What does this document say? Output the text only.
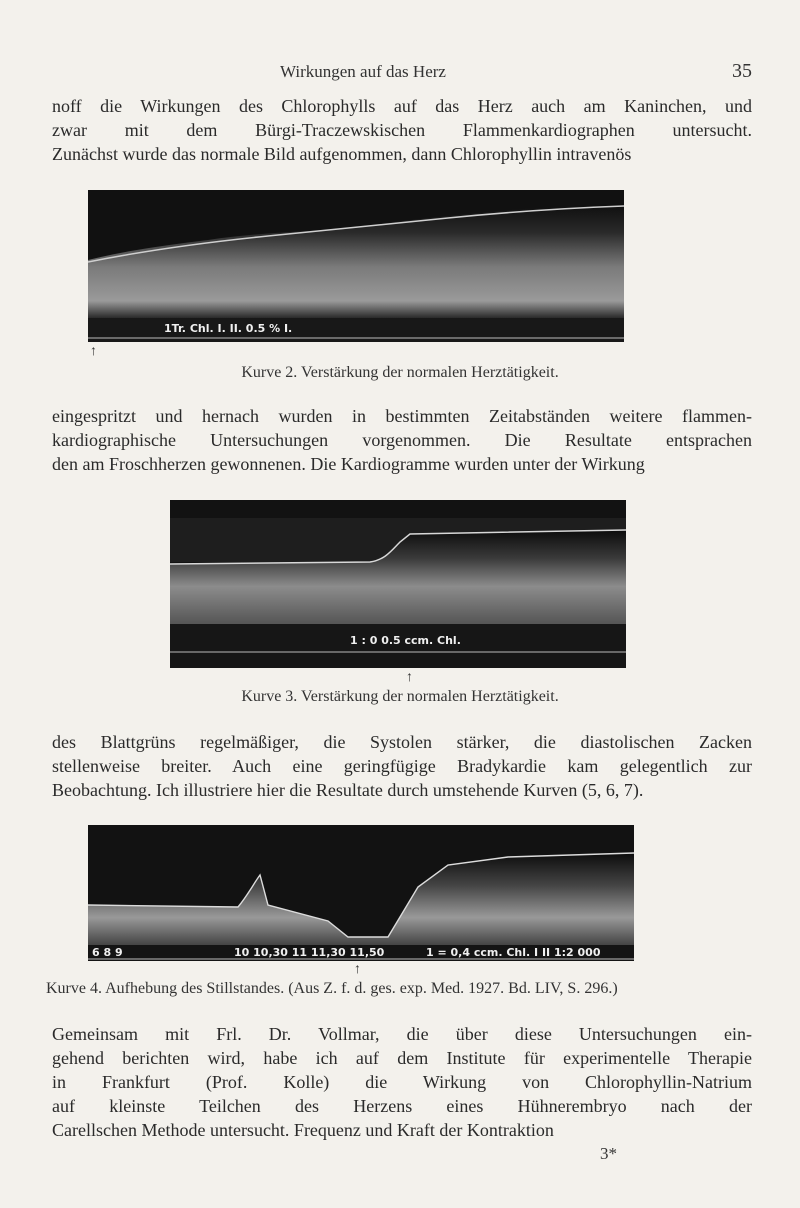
Wirkungen auf das Herz	35
noff die Wirkungen des Chlorophylls auf das Herz auch am Kaninchen, und
zwar mit dem Bürgi-Traczewskischen Flammenkardiographen untersucht.
Zunächst wurde das normale Bild aufgenommen, dann Chlorophyllin intravenös
1Tr. Chl. I. II. 0.5 % I.
↑
Kurve 2. Verstärkung der normalen Herztätigkeit.
eingespritzt und hernach wurden in bestimmten Zeitabständen weitere flammen-
kardiographische Untersuchungen vorgenommen. Die Resultate entsprachen
den am Froschherzen gewonnenen. Die Kardiogramme wurden unter der Wirkung
1 : 0 0.5 ccm. Chl.
↑
Kurve 3. Verstärkung der normalen Herztätigkeit.
des Blattgrüns regelmäßiger, die Systolen stärker, die diastolischen Zacken
stellenweise breiter. Auch eine geringfügige Bradykardie kam gelegentlich zur
Beobachtung. Ich illustriere hier die Resultate durch umstehende Kurven (5, 6, 7).
6 8 9	10 10,30 11 11,30 11,50	1 = 0,4 ccm. Chl. I II 1:2 000
↑
Kurve 4. Aufhebung des Stillstandes. (Aus Z. f. d. ges. exp. Med. 1927. Bd. LIV, S. 296.)
Gemeinsam mit Frl. Dr. Vollmar, die über diese Untersuchungen ein-
gehend berichten wird, habe ich auf dem Institute für experimentelle Therapie
in Frankfurt (Prof. Kolle) die Wirkung von Chlorophyllin-Natrium
auf kleinste Teilchen des Herzens eines Hühnerembryo nach der
Carellschen Methode untersucht. Frequenz und Kraft der Kontraktion
3*
